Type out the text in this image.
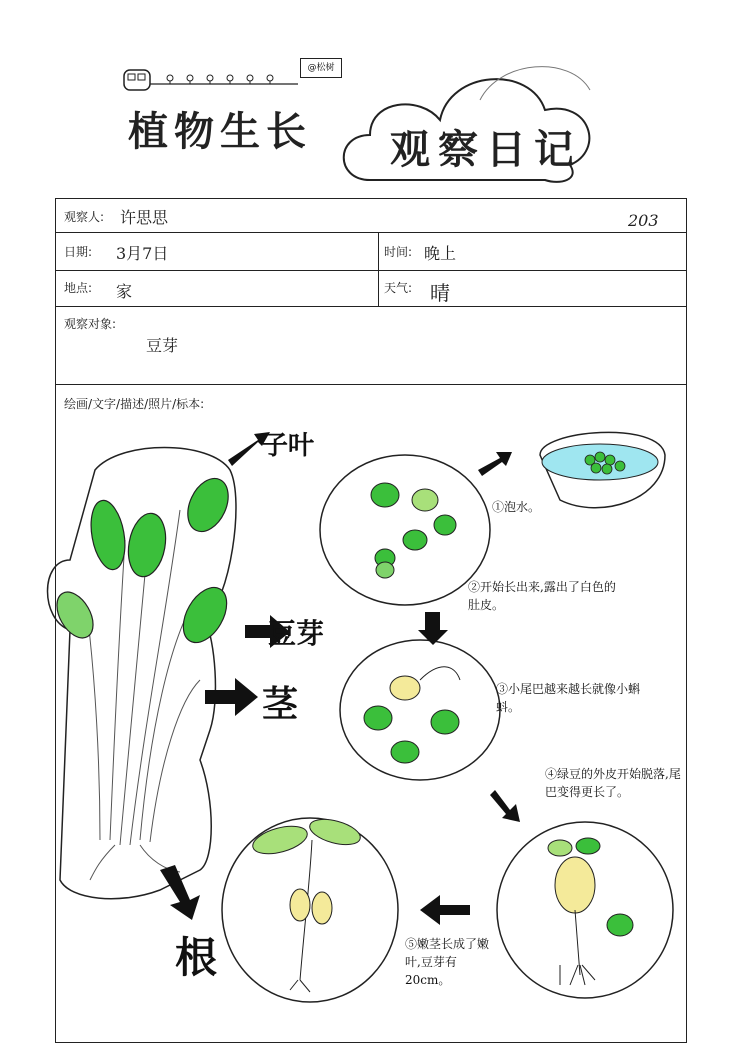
@松树
植物生长 观察日记
观察人: 许思思	203
日期: 3月7日	时间: 晚上
地点: 家	天气: 晴
观察对象:
豆芽
绘画/文字/描述/照片/标本:
子叶
豆芽
茎
根
①泡水。
②开始长出来,露出了白色的肚皮。
③小尾巴越来越长就像小蝌蚪。
④绿豆的外皮开始脱落,尾巴变得更长了。
⑤嫩茎长成了嫩叶,豆芽有20cm。
